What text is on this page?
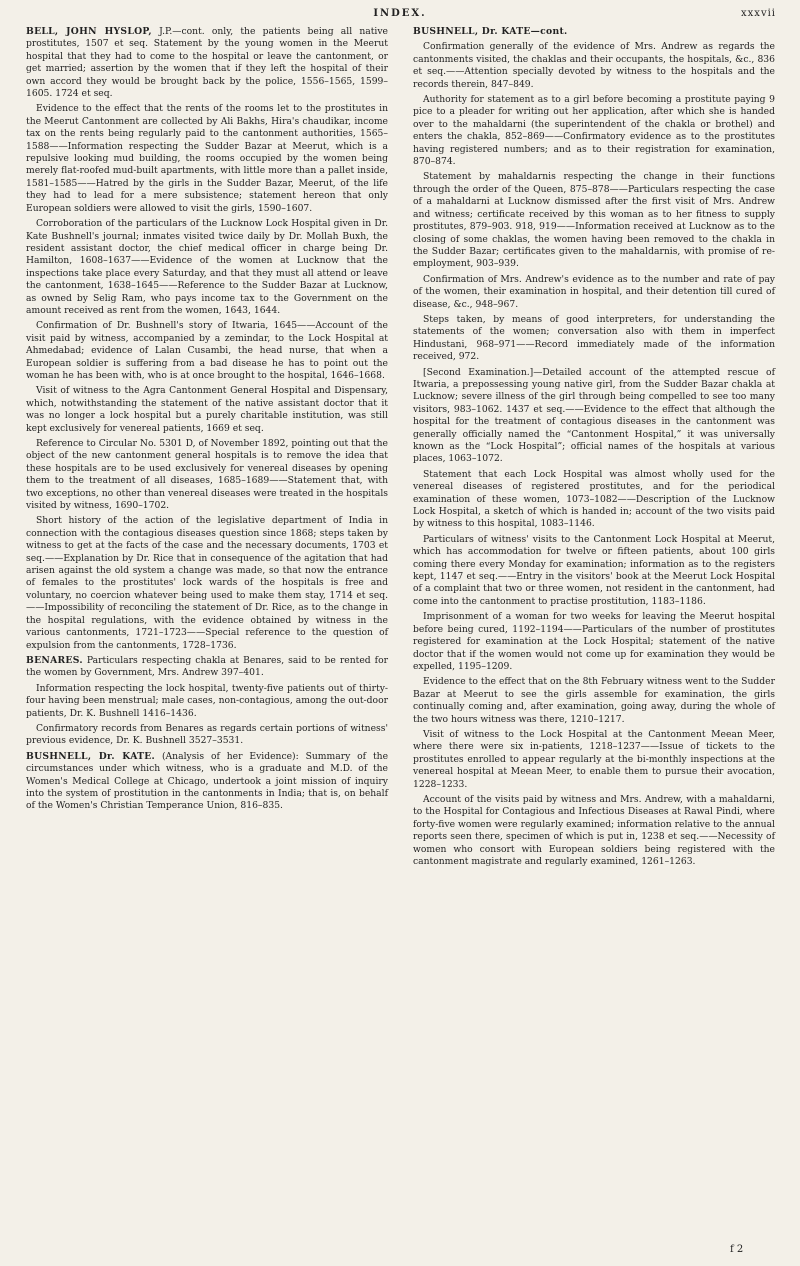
INDEX.	xxxvii

BELL, JOHN HYSLOP, J.P.—cont. only, the patients being all native prostitutes, 1507 et seq. Statement by the young women in the Meerut hospital that they had to come to the hospital or leave the cantonment, or get married; assertion by the women that if they left the hospital of their own accord they would be brought back by the police, 1556–1565, 1599–1605. 1724 et seq.

Evidence to the effect that the rents of the rooms let to the prostitutes in the Meerut Cantonment are collected by Ali Bakhs, Hira's chaudikar, income tax on the rents being regularly paid to the cantonment authorities, 1565–1588——Information respecting the Sudder Bazar at Meerut, which is a repulsive looking mud building, the rooms occupied by the women being merely flat-roofed mud-built apartments, with little more than a pallet inside, 1581–1585——Hatred by the girls in the Sudder Bazar, Meerut, of the life they had to lead for a mere subsistence; statement hereon that only European soldiers were allowed to visit the girls, 1590–1607.

Corroboration of the particulars of the Lucknow Lock Hospital given in Dr. Kate Bushnell's journal; inmates visited twice daily by Dr. Mollah Buxh, the resident assistant doctor, the chief medical officer in charge being Dr. Hamilton, 1608–1637——Evidence of the women at Lucknow that the inspections take place every Saturday, and that they must all attend or leave the cantonment, 1638–1645——Reference to the Sudder Bazar at Lucknow, as owned by Selig Ram, who pays income tax to the Government on the amount received as rent from the women, 1643, 1644.

Confirmation of Dr. Bushnell's story of Itwaria, 1645——Account of the visit paid by witness, accompanied by a zemindar, to the Lock Hospital at Ahmedabad; evidence of Lalan Cusambi, the head nurse, that when a European soldier is suffering from a bad disease he has to point out the woman he has been with, who is at once brought to the hospital, 1646–1668.

Visit of witness to the Agra Cantonment General Hospital and Dispensary, which, notwithstanding the statement of the native assistant doctor that it was no longer a lock hospital but a purely charitable institution, was still kept exclusively for venereal patients, 1669 et seq.

Reference to Circular No. 5301 D, of November 1892, pointing out that the object of the new cantonment general hospitals is to remove the idea that these hospitals are to be used exclusively for venereal diseases by opening them to the treatment of all diseases, 1685–1689——Statement that, with two exceptions, no other than venereal diseases were treated in the hospitals visited by witness, 1690–1702.

Short history of the action of the legislative department of India in connection with the contagious diseases question since 1868; steps taken by witness to get at the facts of the case and the necessary documents, 1703 et seq.——Explanation by Dr. Rice that in consequence of the agitation that had arisen against the old system a change was made, so that now the entrance of females to the prostitutes' lock wards of the hospitals is free and voluntary, no coercion whatever being used to make them stay, 1714 et seq.——Impossibility of reconciling the statement of Dr. Rice, as to the change in the hospital regulations, with the evidence obtained by witness in the various cantonments, 1721–1723——Special reference to the question of expulsion from the cantonments, 1728–1736.

BENARES. Particulars respecting chakla at Benares, said to be rented for the women by Government, Mrs. Andrew 397–401.

Information respecting the lock hospital, twenty-five patients out of thirty-four having been menstrual; male cases, non-contagious, among the out-door patients, Dr. K. Bushnell 1416–1436.

Confirmatory records from Benares as regards certain portions of witness' previous evidence, Dr. K. Bushnell 3527–3531.

BUSHNELL, Dr. KATE. (Analysis of her Evidence): Summary of the circumstances under which witness, who is a graduate and M.D. of the Women's Medical College at Chicago, undertook a joint mission of inquiry into the system of prostitution in the cantonments in India; that is, on behalf of the Women's Christian Temperance Union, 816–835.

BUSHNELL, Dr. KATE—cont.

Confirmation generally of the evidence of Mrs. Andrew as regards the cantonments visited, the chaklas and their occupants, the hospitals, &c., 836 et seq.——Attention specially devoted by witness to the hospitals and the records therein, 847–849.

Authority for statement as to a girl before becoming a prostitute paying 9 pice to a pleader for writing out her application, after which she is handed over to the mahaldarni (the superintendent of the chakla or brothel) and enters the chakla, 852–869——Confirmatory evidence as to the prostitutes having registered numbers; and as to their registration for examination, 870–874.

Statement by mahaldarnis respecting the change in their functions through the order of the Queen, 875–878——Particulars respecting the case of a mahaldarni at Lucknow dismissed after the first visit of Mrs. Andrew and witness; certificate received by this woman as to her fitness to supply prostitutes, 879–903. 918, 919——Information received at Lucknow as to the closing of some chaklas, the women having been removed to the chakla in the Sudder Bazar; certificates given to the mahaldarnis, with promise of re-employment, 903–939.

Confirmation of Mrs. Andrew's evidence as to the number and rate of pay of the women, their examination in hospital, and their detention till cured of disease, &c., 948–967.

Steps taken, by means of good interpreters, for understanding the statements of the women; conversation also with them in imperfect Hindustani, 968–971——Record immediately made of the information received, 972.

[Second Examination.]—Detailed account of the attempted rescue of Itwaria, a prepossessing young native girl, from the Sudder Bazar chakla at Lucknow; severe illness of the girl through being compelled to see too many visitors, 983–1062. 1437 et seq.——Evidence to the effect that although the hospital for the treatment of contagious diseases in the cantonment was generally officially named the “Cantonment Hospital,” it was universally known as the “Lock Hospital”; official names of the hospitals at various places, 1063–1072.

Statement that each Lock Hospital was almost wholly used for the venereal diseases of registered prostitutes, and for the periodical examination of these women, 1073–1082——Description of the Lucknow Lock Hospital, a sketch of which is handed in; account of the two visits paid by witness to this hospital, 1083–1146.

Particulars of witness' visits to the Cantonment Lock Hospital at Meerut, which has accommodation for twelve or fifteen patients, about 100 girls coming there every Monday for examination; information as to the registers kept, 1147 et seq.——Entry in the visitors' book at the Meerut Lock Hospital of a complaint that two or three women, not resident in the cantonment, had come into the cantonment to practise prostitution, 1183–1186.

Imprisonment of a woman for two weeks for leaving the Meerut hospital before being cured, 1192–1194——Particulars of the number of prostitutes registered for examination at the Lock Hospital; statement of the native doctor that if the women would not come up for examination they would be expelled, 1195–1209.

Evidence to the effect that on the 8th February witness went to the Sudder Bazar at Meerut to see the girls assemble for examination, the girls continually coming and, after examination, going away, during the whole of the two hours witness was there, 1210–1217.

Visit of witness to the Lock Hospital at the Cantonment Meean Meer, where there were six in-patients, 1218–1237——Issue of tickets to the prostitutes enrolled to appear regularly at the bi-monthly inspections at the venereal hospital at Meean Meer, to enable them to pursue their avocation, 1228–1233.

Account of the visits paid by witness and Mrs. Andrew, with a mahaldarni, to the Hospital for Contagious and Infectious Diseases at Rawal Pindi, where forty-five women were regularly examined; information relative to the annual reports seen there, specimen of which is put in, 1238 et seq.——Necessity of women who consort with European soldiers being registered with the cantonment magistrate and regularly examined, 1261–1263.

f 2
